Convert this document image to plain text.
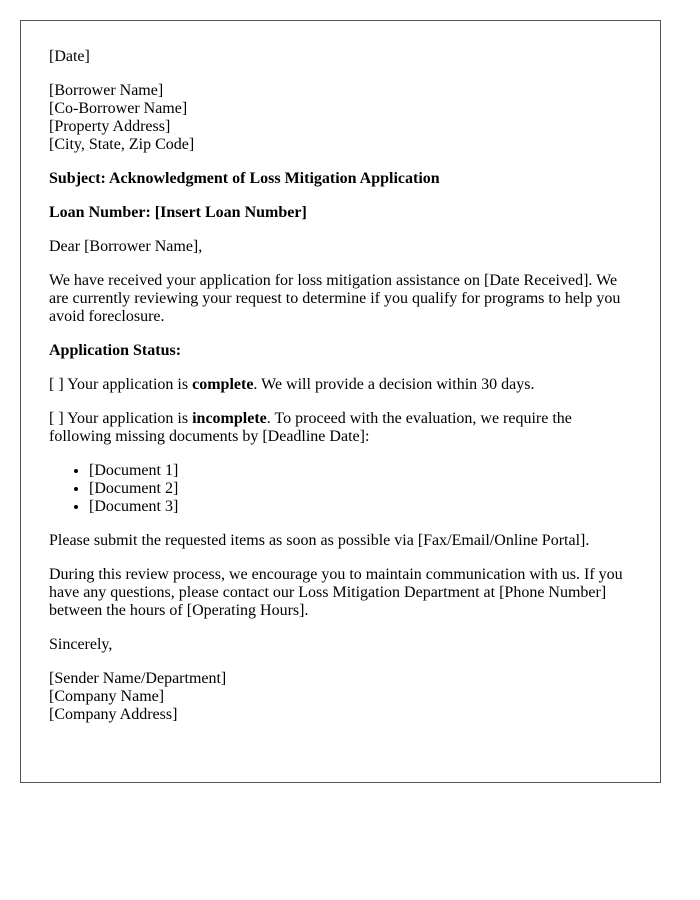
[Date]

[Borrower Name]
[Co-Borrower Name]
[Property Address]
[City, State, Zip Code]

Subject: Acknowledgment of Loss Mitigation Application

Loan Number: [Insert Loan Number]

Dear [Borrower Name],

We have received your application for loss mitigation assistance on [Date Received]. We are currently reviewing your request to determine if you qualify for programs to help you avoid foreclosure.

Application Status:

[ ] Your application is complete. We will provide a decision within 30 days.

[ ] Your application is incomplete. To proceed with the evaluation, we require the following missing documents by [Deadline Date]:

• [Document 1]
• [Document 2]
• [Document 3]

Please submit the requested items as soon as possible via [Fax/Email/Online Portal].

During this review process, we encourage you to maintain communication with us. If you have any questions, please contact our Loss Mitigation Department at [Phone Number] between the hours of [Operating Hours].

Sincerely,

[Sender Name/Department]
[Company Name]
[Company Address]
